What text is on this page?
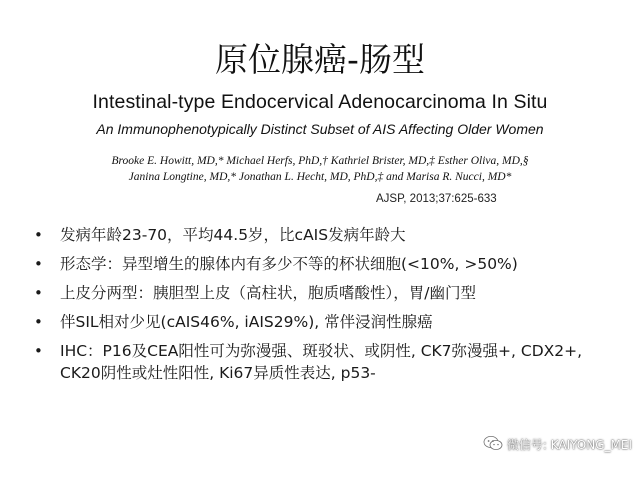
原位腺癌-肠型
Intestinal-type Endocervical Adenocarcinoma In Situ
An Immunophenotypically Distinct Subset of AIS Affecting Older Women
Brooke E. Howitt, MD,* Michael Herfs, PhD,† Kathriel Brister, MD,‡ Esther Oliva, MD,§
Janina Longtine, MD,* Jonathan L. Hecht, MD, PhD,‡ and Marisa R. Nucci, MD*
AJSP, 2013;37:625-633
• 发病年龄23-70，平均44.5岁，比cAIS发病年龄大
• 形态学：异型增生的腺体内有多少不等的杯状细胞(<10%, >50%)
• 上皮分两型：胰胆型上皮（高柱状，胞质嗜酸性），胃/幽门型
• 伴SIL相对少见(cAIS46%, iAIS29%), 常伴浸润性腺癌
• IHC：P16及CEA阳性可为弥漫强、斑驳状、或阴性, CK7弥漫强+, CDX2+, CK20阴性或灶性阳性, Ki67异质性表达, p53-
微信号: KAIYONG_MEI
